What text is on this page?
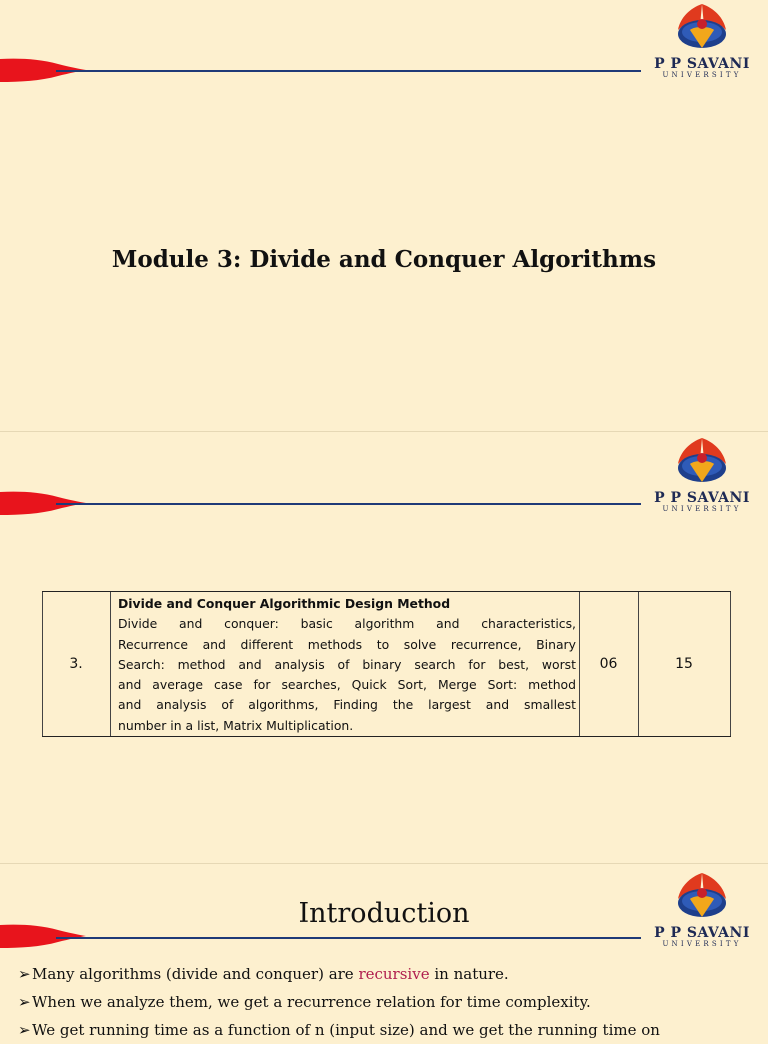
P P SAVANI
UNIVERSITY
Module 3: Divide and Conquer Algorithms
P P SAVANI
UNIVERSITY
3.
Divide and Conquer Algorithmic Design Method
Divide and conquer: basic algorithm and characteristics,
Recurrence and different methods to solve recurrence, Binary
Search: method and analysis of binary search for best, worst
and average case for searches, Quick Sort, Merge Sort: method
and analysis of algorithms, Finding the largest and smallest
number in a list, Matrix Multiplication.
06	15
P P SAVANI
UNIVERSITY
Introduction
➢Many algorithms (divide and conquer) are recursive in nature.
➢When we analyze them, we get a recurrence relation for time complexity.
➢We get running time as a function of n (input size) and we get the running time on
